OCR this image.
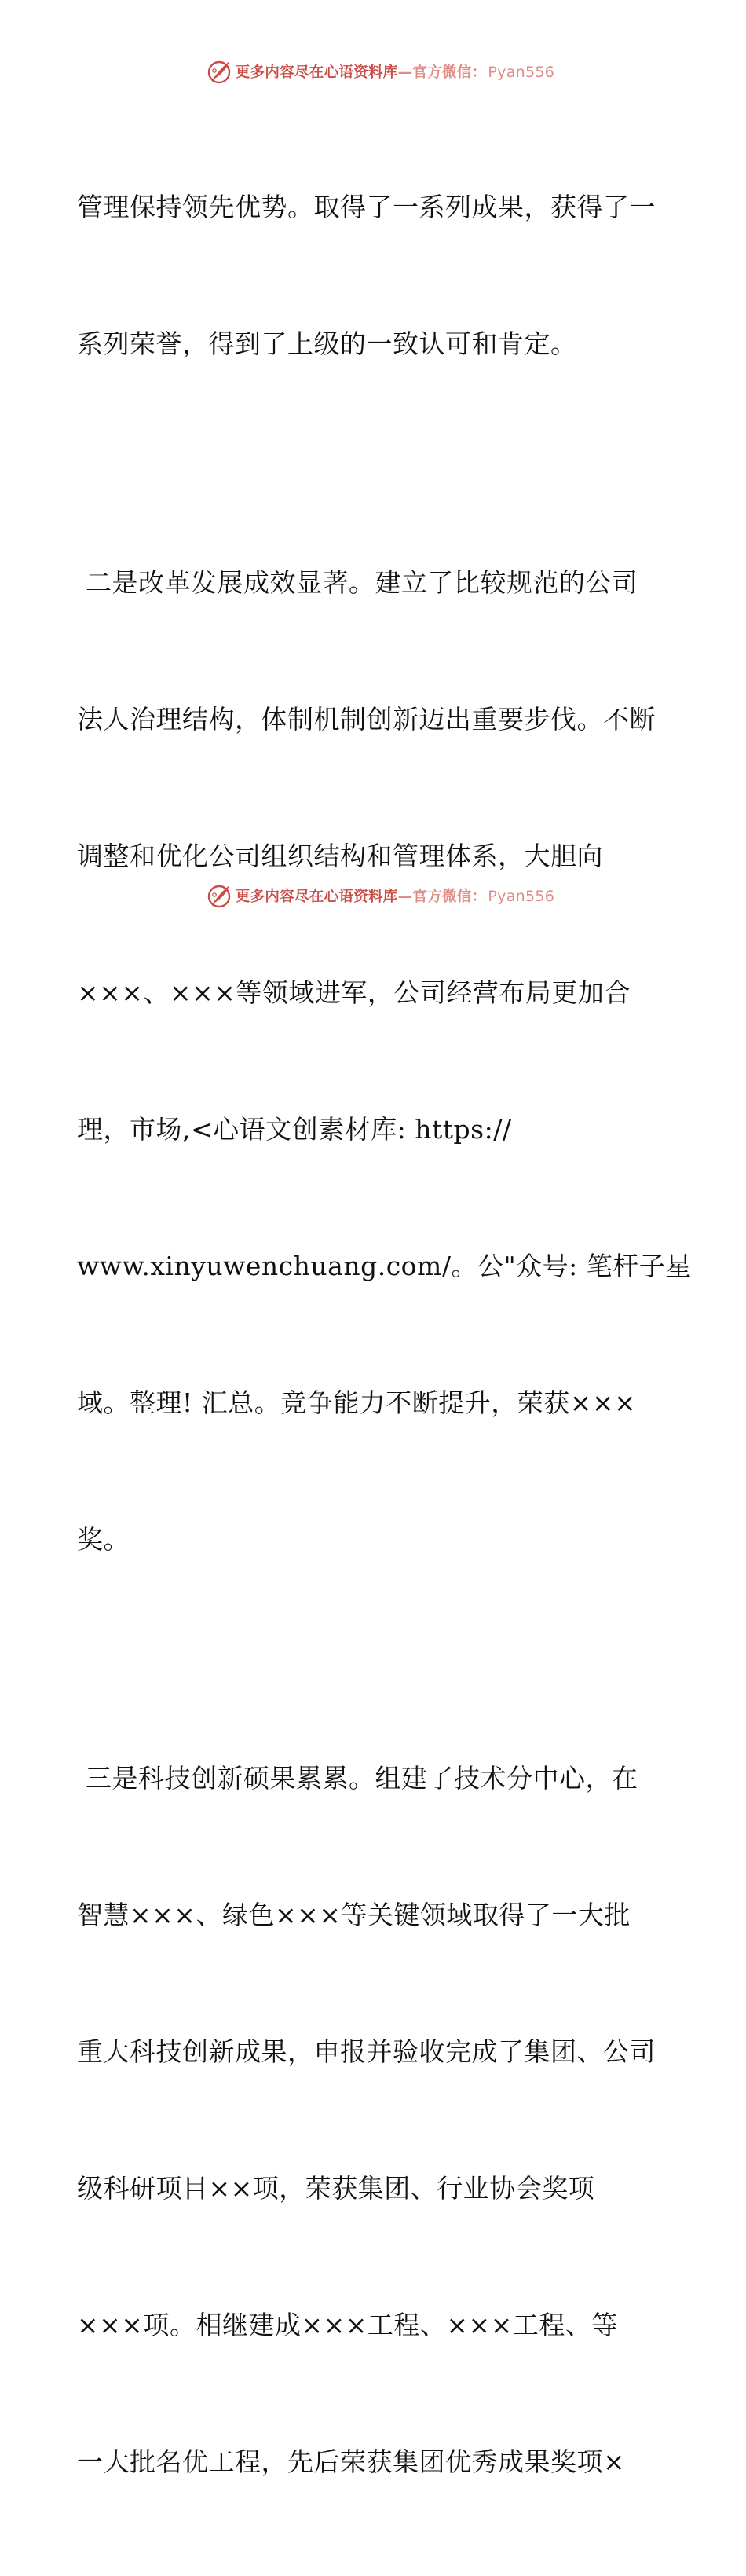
更多内容尽在心语资料库—官方微信： Pyan556

管理保持领先优势。取得了一系列成果，获得了一

系列荣誉，得到了上级的一致认可和肯定。

二是改革发展成效显著。建立了比较规范的公司

法人治理结构，体制机制创新迈出重要步伐。不断

调整和优化公司组织结构和管理体系，大胆向

×××、×××等领域进军，公司经营布局更加合

理，市场,<心语文创素材库: https://

www.xinyuwenchuang.com/。公"众号: 笔杆子星

域。整理! 汇总。竞争能力不断提升，荣获×××

奖。

三是科技创新硕果累累。组建了技术分中心，在

智慧×××、绿色×××等关键领域取得了一大批

重大科技创新成果，申报并验收完成了集团、公司

级科研项目××项，荣获集团、行业协会奖项

×××项。相继建成×××工程、×××工程、等

一大批名优工程，先后荣获集团优秀成果奖项×

更多内容尽在心语资料库—官方微信： Pyan556
